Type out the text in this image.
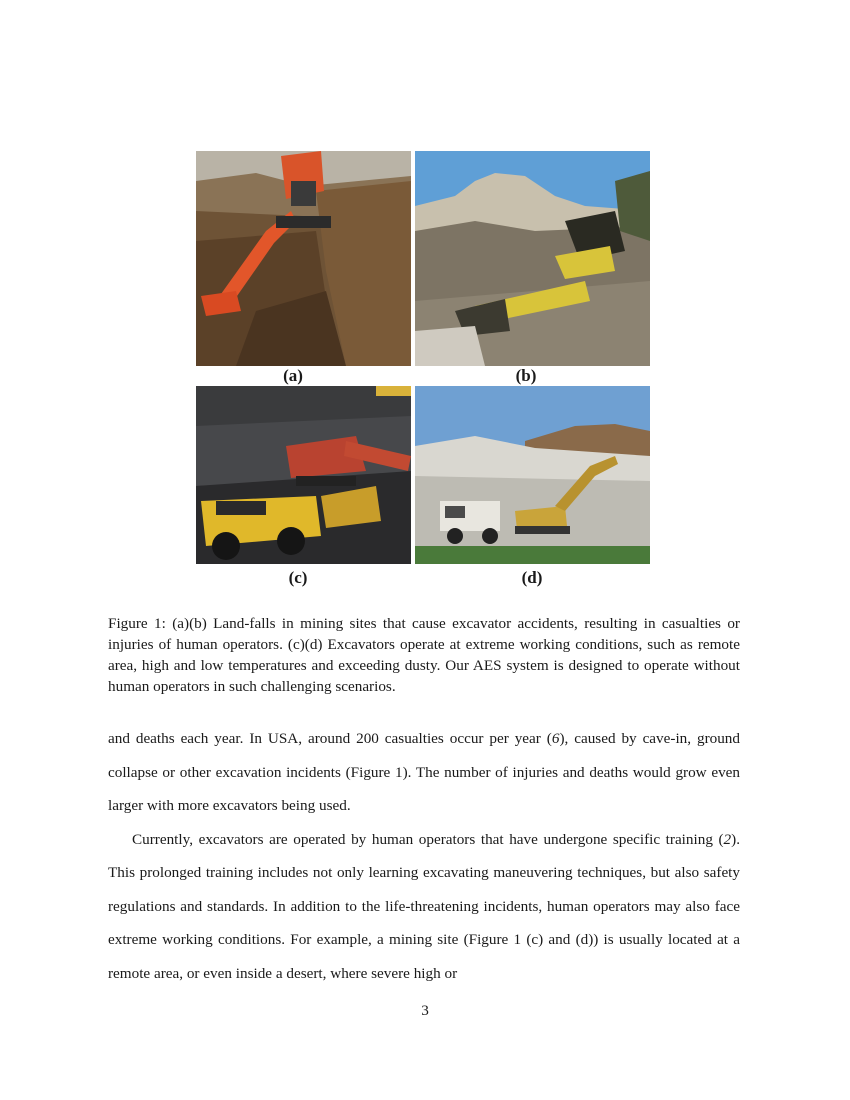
(a)	(b)
(c)	(d)
Figure 1: (a)(b) Land-falls in mining sites that cause excavator accidents, resulting in casualties or injuries of human operators. (c)(d) Excavators operate at extreme working conditions, such as remote area, high and low temperatures and exceeding dusty. Our AES system is designed to operate without human operators in such challenging scenarios.

and deaths each year. In USA, around 200 casualties occur per year (6), caused by cave-in, ground collapse or other excavation incidents (Figure 1). The number of injuries and deaths would grow even larger with more excavators being used.

Currently, excavators are operated by human operators that have undergone specific training (2). This prolonged training includes not only learning excavating maneuvering techniques, but also safety regulations and standards. In addition to the life-threatening incidents, human operators may also face extreme working conditions. For example, a mining site (Figure 1 (c) and (d)) is usually located at a remote area, or even inside a desert, where severe high or

3
